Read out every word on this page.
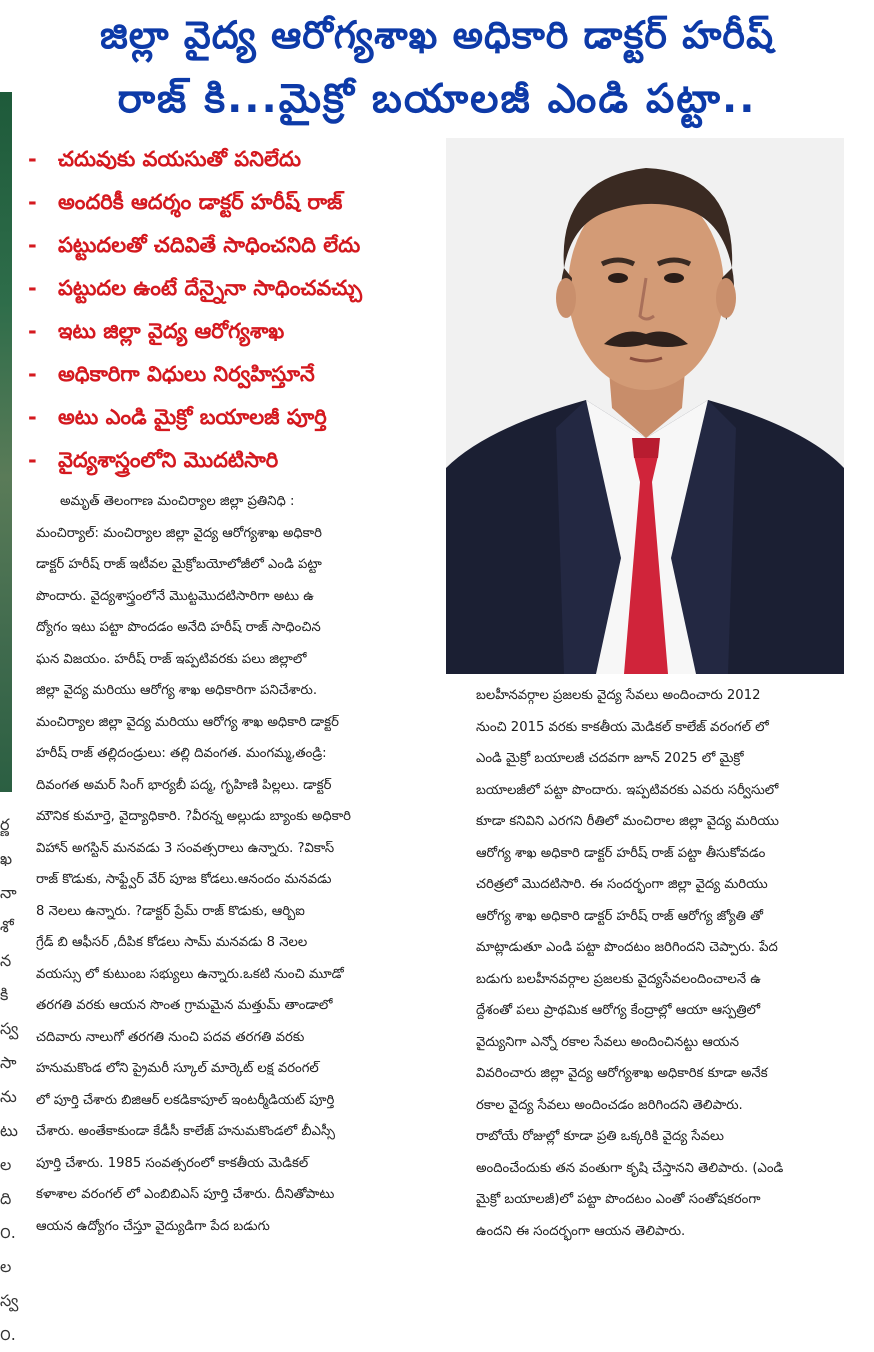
జిల్లా వైద్య ఆరోగ్యశాఖ అధికారి డాక్టర్ హరీష్
రాజ్ కి...మైక్రో బయాలజీ ఎండి పట్టా..
ర్ణ
ఖ
నా
శో
న
కి
స్వ
సా
ను
టు
ల
ది
౦.
ల
స్వ
౦.
- చదువుకు వయసుతో పనిలేదు
- అందరికీ ఆదర్శం డాక్టర్ హరీష్ రాజ్
- పట్టుదలతో చదివితే సాధించనిది లేదు
- పట్టుదల ఉంటే దేన్నైనా సాధించవచ్చు
- ఇటు జిల్లా వైద్య ఆరోగ్యశాఖ
- అధికారిగా విధులు నిర్వహిస్తూనే
- అటు ఎండి మైక్రో బయాలజీ పూర్తి
- వైద్యశాస్త్రంలోని మొదటిసారి
అమృత్ తెలంగాణ మంచిర్యాల జిల్లా ప్రతినిధి :
మంచిర్యాల్: మంచిర్యాల జిల్లా వైద్య ఆరోగ్యశాఖ అధికారి
డాక్టర్ హరీష్ రాజ్ ఇటీవల మైక్రోబయోలోజీలో ఎండి పట్టా
పొందారు. వైద్యశాస్త్రంలోనే మొట్టమొదటిసారిగా అటు ఉ
ద్యోగం ఇటు పట్టా పొందడం అనేది హరీష్ రాజ్ సాధించిన
ఘన విజయం. హరీష్ రాజ్ ఇప్పటివరకు పలు జిల్లాలో
జిల్లా వైద్య మరియు ఆరోగ్య శాఖ అధికారిగా పనిచేశారు.
మంచిర్యాల జిల్లా వైద్య మరియు ఆరోగ్య శాఖ అధికారి డాక్టర్
హరీష్ రాజ్ తల్లిదండ్రులు: తల్లి దివంగత. మంగమ్మ,తండ్రి:
దివంగత అమర్ సింగ్ భార్యబీ పద్మ, గృహిణి పిల్లలు. డాక్టర్
మౌనిక కుమార్తె, వైద్యాధికారి. ?వీరన్న అల్లుడు బ్యాంకు అధికారి
విహాన్ అగస్టిన్ మనవడు 3 సంవత్సరాలు ఉన్నారు. ?వికాస్
రాజ్ కొడుకు, సాఫ్ట్వేర్ వేర్ పూజ కోడలు.ఆనందం మనవడు
8 నెలలు ఉన్నారు. ?డాక్టర్ ప్రేమ్ రాజ్ కొడుకు, ఆర్బిఐ
గ్రేడ్ బి ఆఫీసర్ ,దీపిక కోడలు సామ్ మనవడు 8 నెలల
వయస్సు లో కుటుంబ సభ్యులు ఉన్నారు.ఒకటి నుంచి మూడో
తరగతి వరకు ఆయన సొంత గ్రామమైన మత్తుమ్ తాండాలో
చదివారు నాలుగో తరగతి నుంచి పదవ తరగతి వరకు
హనుమకొండ లోని ప్రైమరీ స్కూల్ మార్కెట్ లక్ష వరంగల్
లో పూర్తి చేశారు బిజిఆర్ లకడికాపూల్ ఇంటర్మీడియట్ పూర్తి
చేశారు. అంతేకాకుండా కేడీసీ కాలేజ్ హనుమకొండలో బీఎస్సీ
పూర్తి చేశారు. 1985 సంవత్సరంలో కాకతీయ మెడికల్
కళాశాల వరంగల్ లో ఎంబిబిఎస్ పూర్తి చేశారు. దీనితోపాటు
ఆయన ఉద్యోగం చేస్తూ వైద్యుడిగా పేద బడుగు
బలహీనవర్గాల ప్రజలకు వైద్య సేవలు అందించారు 2012
నుంచి 2015 వరకు కాకతీయ మెడికల్ కాలేజ్ వరంగల్ లో
ఎండి మైక్రో బయాలజీ చదవగా జూన్ 2025 లో మైక్రో
బయాలజీలో పట్టా పొందారు. ఇప్పటివరకు ఎవరు సర్వీసులో
కూడా కనివిని ఎరగని రీతిలో మంచిరాల జిల్లా వైద్య మరియు
ఆరోగ్య శాఖ అధికారి డాక్టర్ హరీష్ రాజ్ పట్టా తీసుకోవడం
చరిత్రలో మొదటిసారి. ఈ సందర్భంగా జిల్లా వైద్య మరియు
ఆరోగ్య శాఖ అధికారి డాక్టర్ హరీష్ రాజ్ ఆరోగ్య జ్యోతి తో
మాట్లాడుతూ ఎండి పట్టా పొందటం జరిగిందని చెప్పారు. పేద
బడుగు బలహీనవర్గాల ప్రజలకు వైద్యసేవలందించాలనే ఉ
ద్దేశంతో పలు ప్రాథమిక ఆరోగ్య కేంద్రాల్లో ఆయా ఆస్పత్రిలో
వైద్యునిగా ఎన్నో రకాల సేవలు అందించినట్టు ఆయన
వివరించారు జిల్లా వైద్య ఆరోగ్యశాఖ అధికారిక కూడా అనేక
రకాల వైద్య సేవలు అందించడం జరిగిందని తెలిపారు.
రాబోయే రోజుల్లో కూడా ప్రతి ఒక్కరికి వైద్య సేవలు
అందించేందుకు తన వంతుగా కృషి చేస్తానని తెలిపారు. (ఎండి
మైక్రో బయాలజీ)లో పట్టా పొందటం ఎంతో సంతోషకరంగా
ఉందని ఈ సందర్భంగా ఆయన తెలిపారు.
